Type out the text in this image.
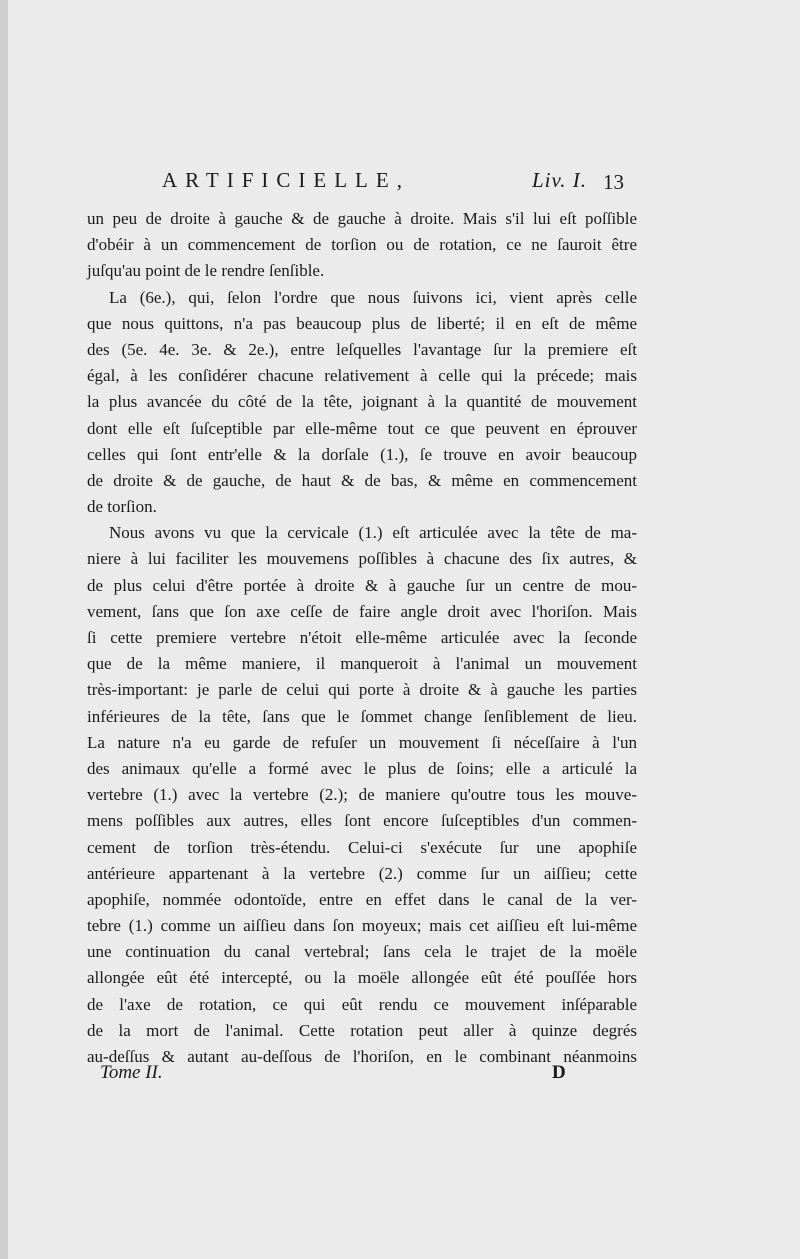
ARTIFICIELLE,	Liv. I. 13
un peu de droite à gauche & de gauche à droite. Mais s'il lui eſt poſſible
d'obéir à un commencement de torſion ou de rotation, ce ne ſauroit être
juſqu'au point de le rendre ſenſible.
La (6e.), qui, ſelon l'ordre que nous ſuivons ici, vient après celle
que nous quittons, n'a pas beaucoup plus de liberté; il en eſt de même
des (5e. 4e. 3e. & 2e.), entre leſquelles l'avantage ſur la premiere eſt
égal, à les conſidérer chacune relativement à celle qui la précede; mais
la plus avancée du côté de la tête, joignant à la quantité de mouvement
dont elle eſt ſuſceptible par elle-même tout ce que peuvent en éprouver
celles qui ſont entr'elle & la dorſale (1.), ſe trouve en avoir beaucoup
de droite & de gauche, de haut & de bas, & même en commencement
de torſion.
Nous avons vu que la cervicale (1.) eſt articulée avec la tête de ma-
niere à lui faciliter les mouvemens poſſibles à chacune des ſix autres, &
de plus celui d'être portée à droite & à gauche ſur un centre de mou-
vement, ſans que ſon axe ceſſe de faire angle droit avec l'horiſon. Mais
ſi cette premiere vertebre n'étoit elle-même articulée avec la ſeconde
que de la même maniere, il manqueroit à l'animal un mouvement
très-important: je parle de celui qui porte à droite & à gauche les parties
inférieures de la tête, ſans que le ſommet change ſenſiblement de lieu.
La nature n'a eu garde de refuſer un mouvement ſi néceſſaire à l'un
des animaux qu'elle a formé avec le plus de ſoins; elle a articulé la
vertebre (1.) avec la vertebre (2.); de maniere qu'outre tous les mouve-
mens poſſibles aux autres, elles ſont encore ſuſceptibles d'un commen-
cement de torſion très-étendu. Celui-ci s'exécute ſur une apophiſe
antérieure appartenant à la vertebre (2.) comme ſur un aiſſieu; cette
apophiſe, nommée odontoïde, entre en effet dans le canal de la ver-
tebre (1.) comme un aiſſieu dans ſon moyeux; mais cet aiſſieu eſt lui-même
une continuation du canal vertebral; ſans cela le trajet de la moële
allongée eût été intercepté, ou la moële allongée eût été pouſſée hors
de l'axe de rotation, ce qui eût rendu ce mouvement inſéparable
de la mort de l'animal. Cette rotation peut aller à quinze degrés
au-deſſus & autant au-deſſous de l'horiſon, en le combinant néanmoins
Tome II.	D
